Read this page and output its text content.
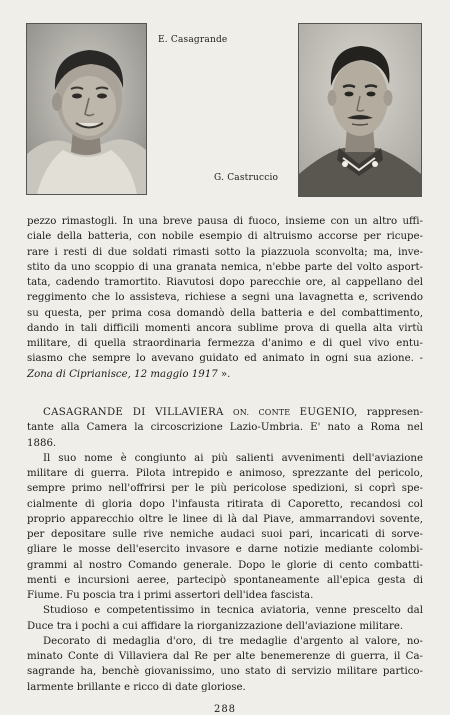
E. Casagrande
G. Castruccio
pezzo rimastogli. In una breve pausa di fuoco, insieme con un altro uffi-
ciale della batteria, con nobile esempio di altruismo accorse per ricupe-
rare i resti di due soldati rimasti sotto la piazzuola sconvolta; ma, inve-
stito da uno scoppio di una granata nemica, n'ebbe parte del volto asport-
tata, cadendo tramortito. Riavutosi dopo parecchie ore, al cappellano del
reggimento che lo assisteva, richiese a segni una lavagnetta e, scrivendo
su questa, per prima cosa domandò della batteria e del combattimento,
dando in tali difficili momenti ancora sublime prova di quella alta virtù
militare, di quella straordinaria fermezza d'animo e di quel vivo entu-
siasmo che sempre lo avevano guidato ed animato in ogni sua azione. -
Zona di Ciprianisce, 12 maggio 1917 ».
CASAGRANDE DI VILLAVIERA ON. CONTE EUGENIO, rappresen-
tante alla Camera la circoscrizione Lazio-Umbria. E' nato a Roma nel
1886.
Il suo nome è congiunto ai più salienti avvenimenti dell'aviazione
militare di guerra. Pilota intrepido e animoso, sprezzante del pericolo,
sempre primo nell'offrirsi per le più pericolose spedizioni, si coprì spe-
cialmente di gloria dopo l'infausta ritirata di Caporetto, recandosi col
proprio apparecchio oltre le linee di là dal Piave, ammarrandovi sovente,
per depositare sulle rive nemiche audaci suoi pari, incaricati di sorve-
gliare le mosse dell'esercito invasore e darne notizie mediante colombi-
grammi al nostro Comando generale. Dopo le glorie di cento combatti-
menti e incursioni aeree, partecipò spontaneamente all'epica gesta di
Fiume. Fu poscia tra i primi assertori dell'idea fascista.
Studioso e competentissimo in tecnica aviatoria, venne prescelto dal
Duce tra i pochi a cui affidare la riorganizzazione dell'aviazione militare.
Decorato di medaglia d'oro, di tre medaglie d'argento al valore, no-
minato Conte di Villaviera dal Re per alte benemerenze di guerra, il Ca-
sagrande ha, benchè giovanissimo, uno stato di servizio militare partico-
larmente brillante e ricco di date gloriose.
288
